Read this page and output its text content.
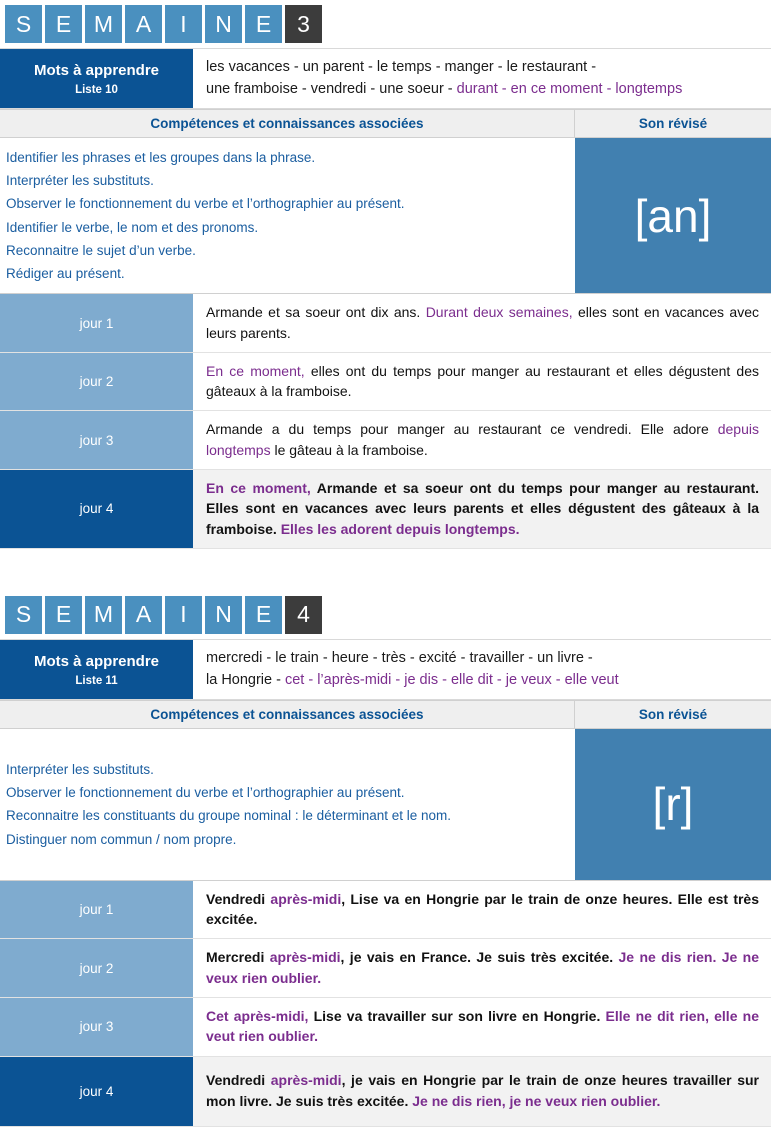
S	E M A	I	N	E	3
Mots à apprendre
Liste 10
les vacances - un parent - le temps - manger - le restaurant -
une framboise - vendredi - une soeur - durant - en ce moment - longtemps
Compétences et connaissances associées	Son révisé
Identifier les phrases et les groupes dans la phrase.
Interpréter les substituts.
Observer le fonctionnement du verbe et l’orthographier au présent.
Identifier le verbe, le nom et des pronoms.
Reconnaitre le sujet d’un verbe.
Rédiger au présent.
[an]
jour 1
Armande et sa soeur ont dix ans. Durant deux semaines, elles sont en vacances avec leurs parents.
jour 2
En ce moment, elles ont du temps pour manger au restaurant et elles dégustent des gâteaux à la framboise.
jour 3
Armande a du temps pour manger au restaurant ce vendredi. Elle adore depuis longtemps le gâteau à la framboise.
jour 4
En ce moment, Armande et sa soeur ont du temps pour manger au restaurant. Elles sont en vacances avec leurs parents et elles dégustent des gâteaux à la framboise. Elles les adorent depuis longtemps.
S	E M A	I	N	E	4
Mots à apprendre
Liste 11
mercredi - le train - heure - très - excité - travailler - un livre -
la Hongrie - cet - l’après-midi - je dis - elle dit - je veux - elle veut
Compétences et connaissances associées	Son révisé
Interpréter les substituts.
Observer le fonctionnement du verbe et l’orthographier au présent.
Reconnaitre les constituants du groupe nominal : le déterminant et le nom.
Distinguer nom commun / nom propre.
[r]
jour 1
Vendredi après-midi, Lise va en Hongrie par le train de onze heures. Elle est très excitée.
jour 2
Mercredi après-midi, je vais en France. Je suis très excitée. Je ne dis rien. Je ne veux rien oublier.
jour 3
Cet après-midi, Lise va travailler sur son livre en Hongrie. Elle ne dit rien, elle ne veut rien oublier.
jour 4
Vendredi après-midi, je vais en Hongrie par le train de onze heures travailler sur mon livre. Je suis très excitée. Je ne dis rien, je ne veux rien oublier.
